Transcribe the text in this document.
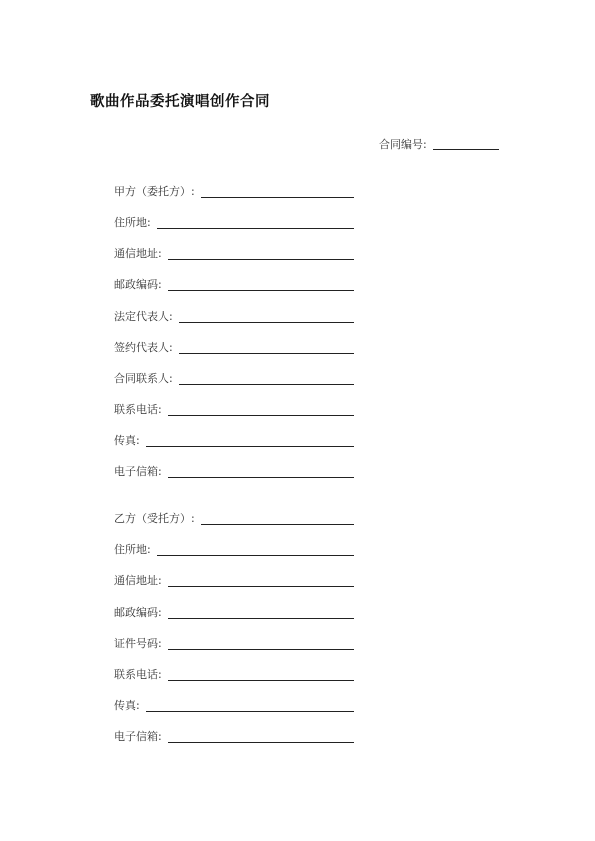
歌曲作品委托演唱创作合同
合同编号:
甲方（委托方）:
住所地:
通信地址:
邮政编码:
法定代表人:
签约代表人:
合同联系人:
联系电话:
传真:
电子信箱:
乙方（受托方）:
住所地:
通信地址:
邮政编码:
证件号码:
联系电话:
传真:
电子信箱:
